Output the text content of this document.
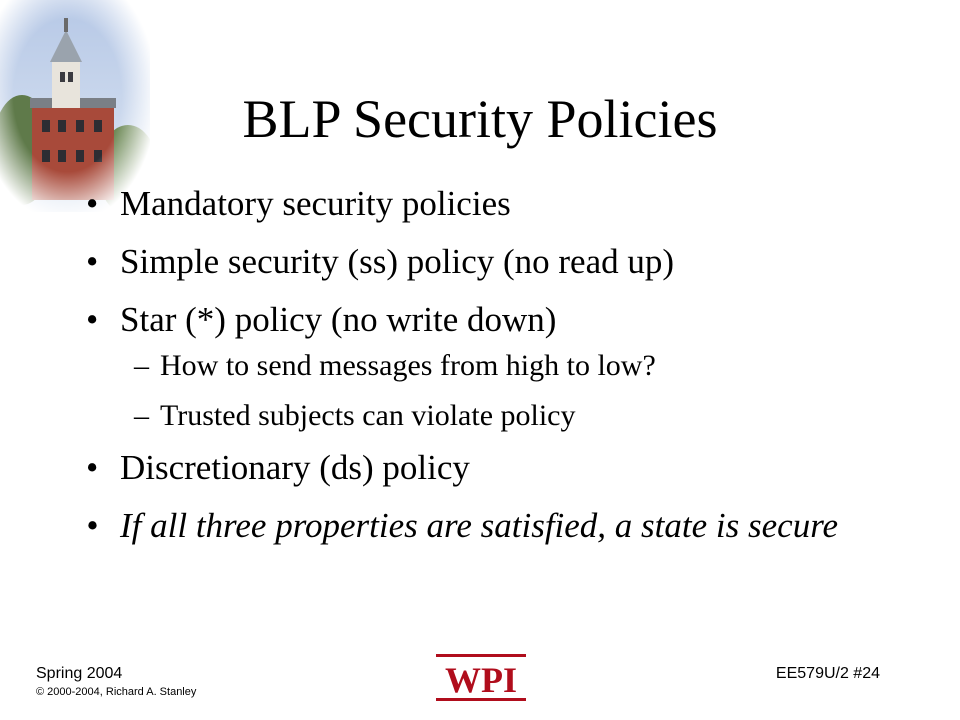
BLP Security Policies
• Mandatory security policies
• Simple security (ss) policy (no read up)
• Star (*) policy (no write down)
– How to send messages from high to low?
– Trusted subjects can violate policy
• Discretionary (ds) policy
• If all three properties are satisfied, a state is secure
Spring 2004
© 2000-2004, Richard A. Stanley	WPI	EE579U/2 #24
